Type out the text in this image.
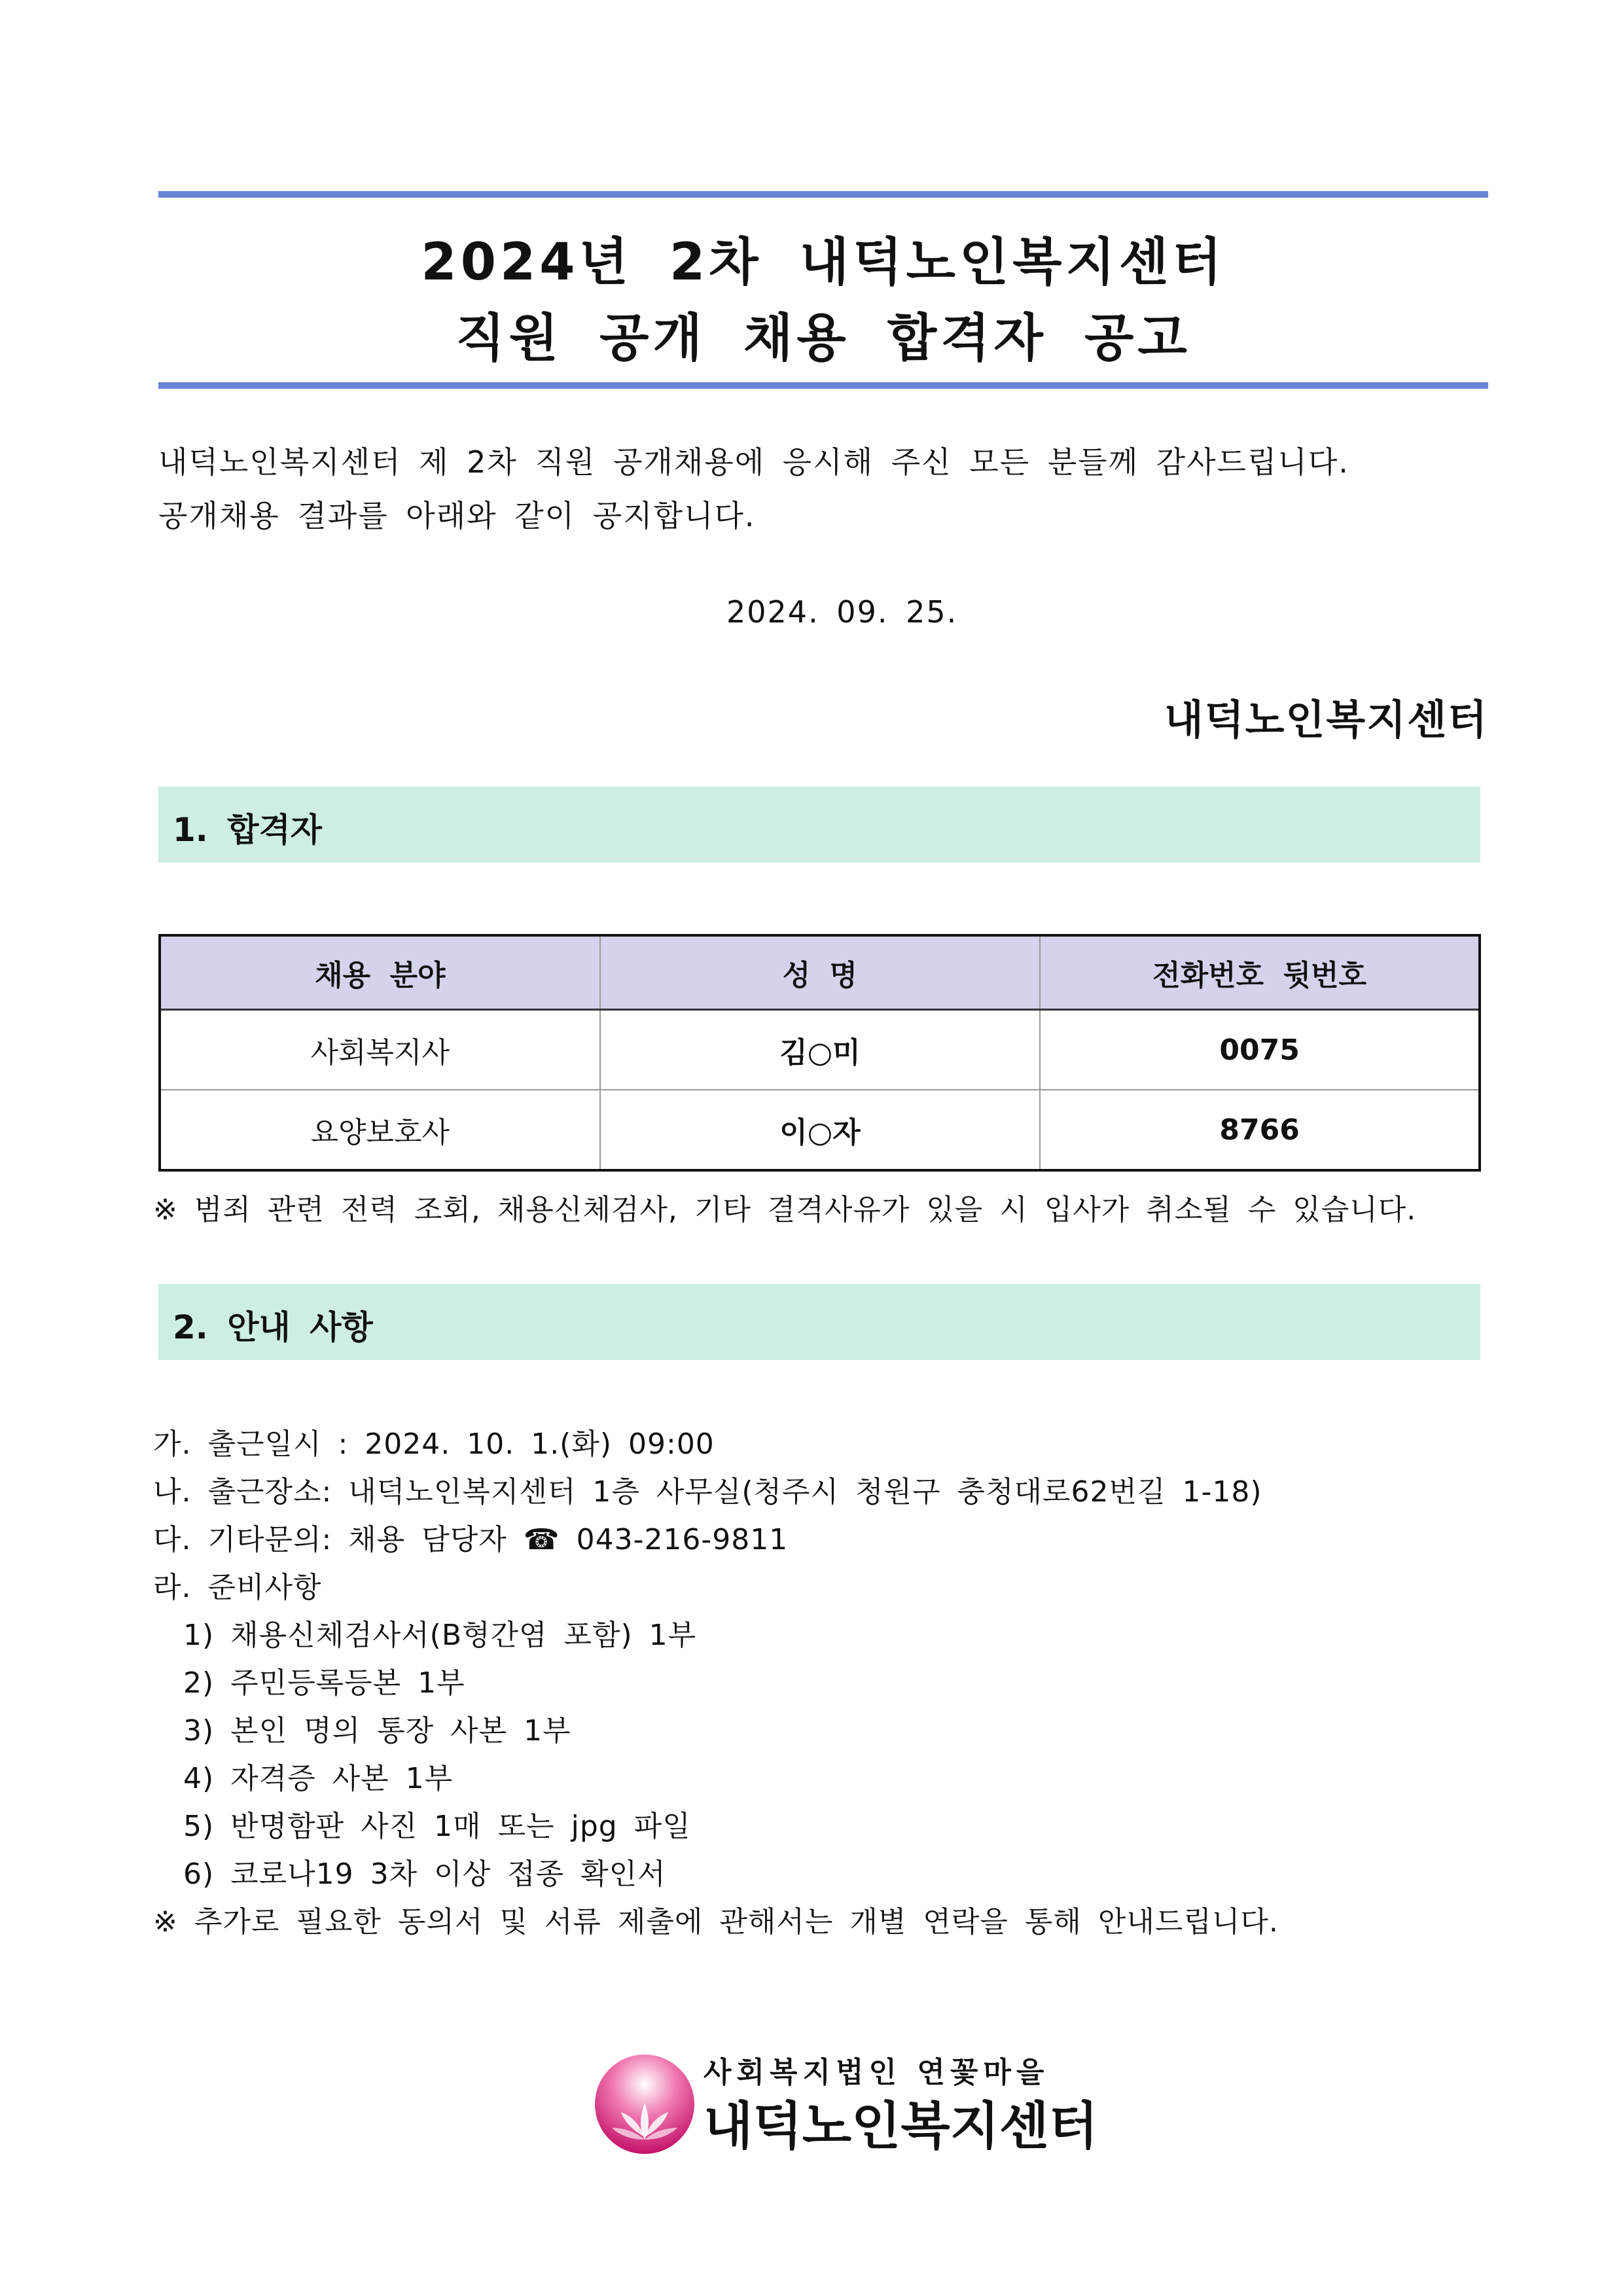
2024년 2차 내덕노인복지센터
직원 공개 채용 합격자 공고
내덕노인복지센터 제 2차 직원 공개채용에 응시해 주신 모든 분들께 감사드립니다.
공개채용 결과를 아래와 같이 공지합니다.
2024. 09. 25.
내덕노인복지센터
1. 합격자
채용 분야	성 명	전화번호 뒷번호
사회복지사	김○미	0075
요양보호사	이○자	8766
※ 범죄 관련 전력 조회, 채용신체검사, 기타 결격사유가 있을 시 입사가 취소될 수 있습니다.
2. 안내 사항
가. 출근일시 : 2024. 10. 1.(화) 09:00
나. 출근장소: 내덕노인복지센터 1층 사무실(청주시 청원구 충청대로62번길 1-18)
다. 기타문의: 채용 담당자 ☎ 043-216-9811
라. 준비사항
1) 채용신체검사서(B형간염 포함) 1부
2) 주민등록등본 1부
3) 본인 명의 통장 사본 1부
4) 자격증 사본 1부
5) 반명함판 사진 1매 또는 jpg 파일
6) 코로나19 3차 이상 접종 확인서
※ 추가로 필요한 동의서 및 서류 제출에 관해서는 개별 연락을 통해 안내드립니다.
사회복지법인 연꽃마을
내덕노인복지센터
